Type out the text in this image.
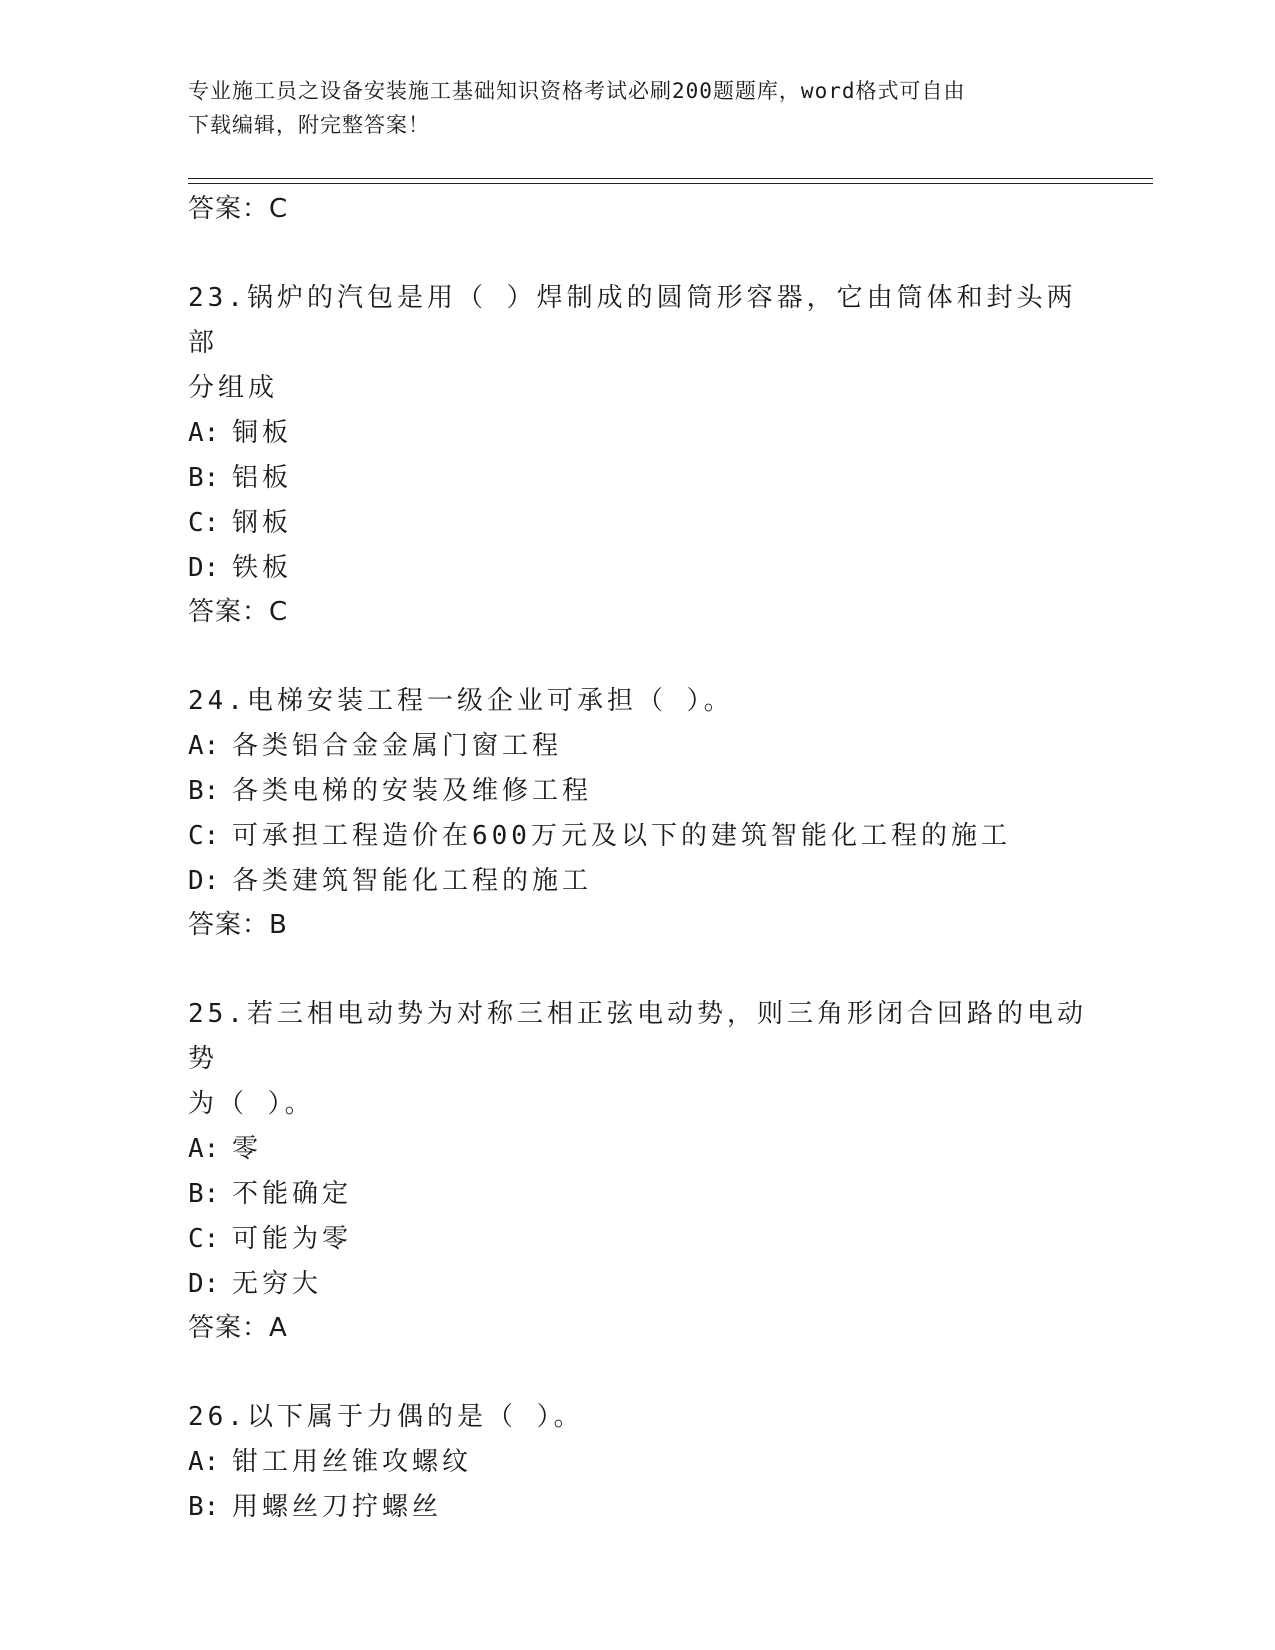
专业施工员之设备安装施工基础知识资格考试必刷200题题库，word格式可自由
下载编辑，附完整答案！
答案：C
23.锅炉的汽包是用（ ）焊制成的圆筒形容器，它由筒体和封头两部
分组成
A: 铜板
B: 铝板
C: 钢板
D: 铁板
答案：C
24.电梯安装工程一级企业可承担（ ）。
A: 各类铝合金金属门窗工程
B: 各类电梯的安装及维修工程
C: 可承担工程造价在600万元及以下的建筑智能化工程的施工
D: 各类建筑智能化工程的施工
答案：B
25.若三相电动势为对称三相正弦电动势，则三角形闭合回路的电动势
为（ ）。
A: 零
B: 不能确定
C: 可能为零
D: 无穷大
答案：A
26.以下属于力偶的是（ ）。
A: 钳工用丝锥攻螺纹
B: 用螺丝刀拧螺丝
